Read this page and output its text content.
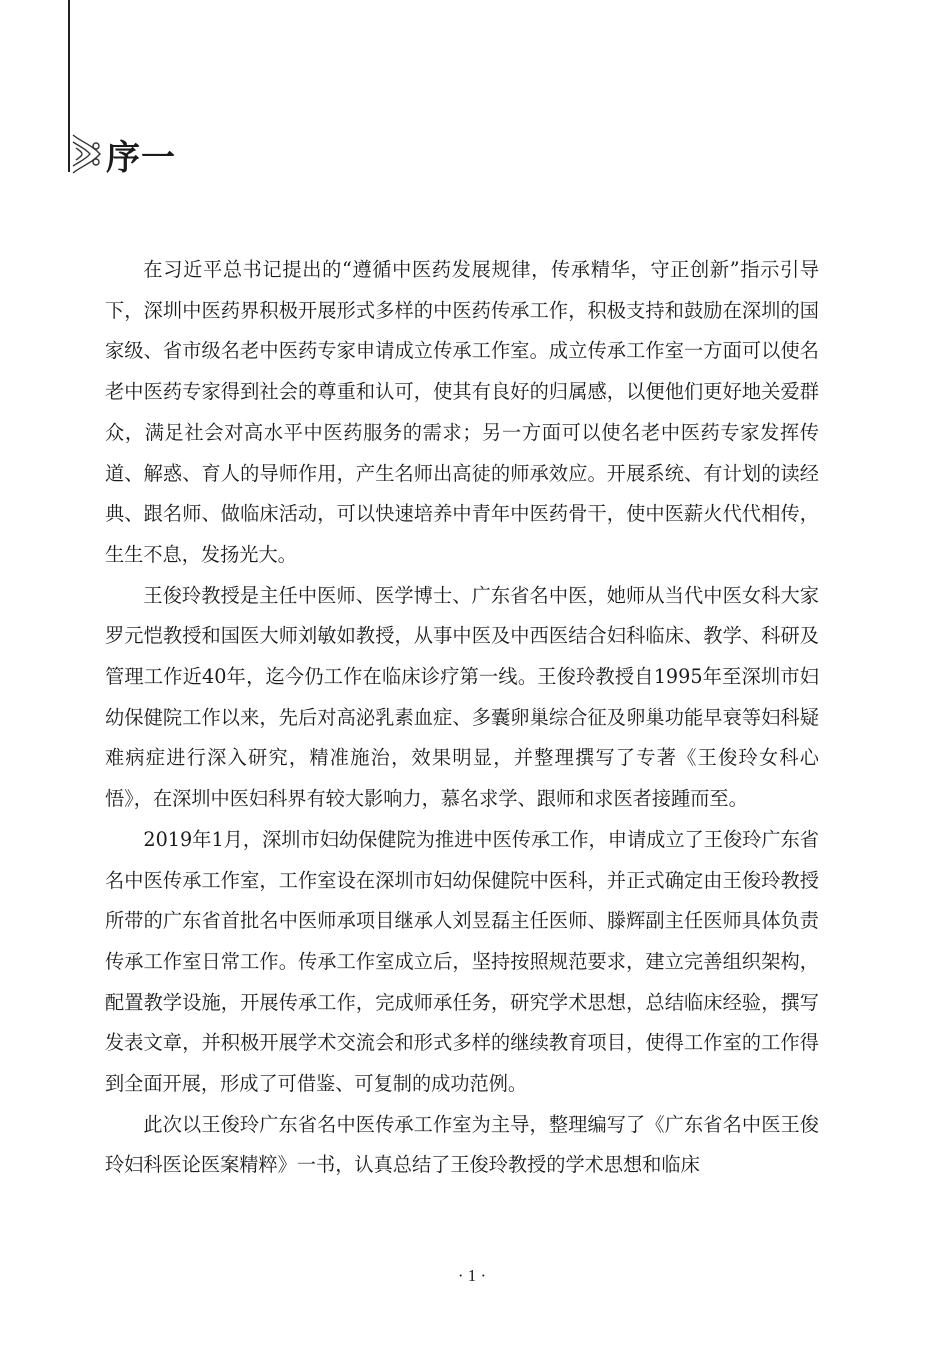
序一

在习近平总书记提出的“遵循中医药发展规律，传承精华，守正创新”指示引导下，深圳中医药界积极开展形式多样的中医药传承工作，积极支持和鼓励在深圳的国家级、省市级名老中医药专家申请成立传承工作室。成立传承工作室一方面可以使名老中医药专家得到社会的尊重和认可，使其有良好的归属感，以便他们更好地关爱群众，满足社会对高水平中医药服务的需求；另一方面可以使名老中医药专家发挥传道、解惑、育人的导师作用，产生名师出高徒的师承效应。开展系统、有计划的读经典、跟名师、做临床活动，可以快速培养中青年中医药骨干，使中医薪火代代相传，生生不息，发扬光大。

王俊玲教授是主任中医师、医学博士、广东省名中医，她师从当代中医女科大家罗元恺教授和国医大师刘敏如教授，从事中医及中西医结合妇科临床、教学、科研及管理工作近40年，迄今仍工作在临床诊疗第一线。王俊玲教授自1995年至深圳市妇幼保健院工作以来，先后对高泌乳素血症、多囊卵巢综合征及卵巢功能早衰等妇科疑难病症进行深入研究，精准施治，效果明显，并整理撰写了专著《王俊玲女科心悟》，在深圳中医妇科界有较大影响力，慕名求学、跟师和求医者接踵而至。

2019年1月，深圳市妇幼保健院为推进中医传承工作，申请成立了王俊玲广东省名中医传承工作室，工作室设在深圳市妇幼保健院中医科，并正式确定由王俊玲教授所带的广东省首批名中医师承项目继承人刘昱磊主任医师、滕辉副主任医师具体负责传承工作室日常工作。传承工作室成立后，坚持按照规范要求，建立完善组织架构，配置教学设施，开展传承工作，完成师承任务，研究学术思想，总结临床经验，撰写发表文章，并积极开展学术交流会和形式多样的继续教育项目，使得工作室的工作得到全面开展，形成了可借鉴、可复制的成功范例。

此次以王俊玲广东省名中医传承工作室为主导，整理编写了《广东省名中医王俊玲妇科医论医案精粹》一书，认真总结了王俊玲教授的学术思想和临床

· 1 ·
